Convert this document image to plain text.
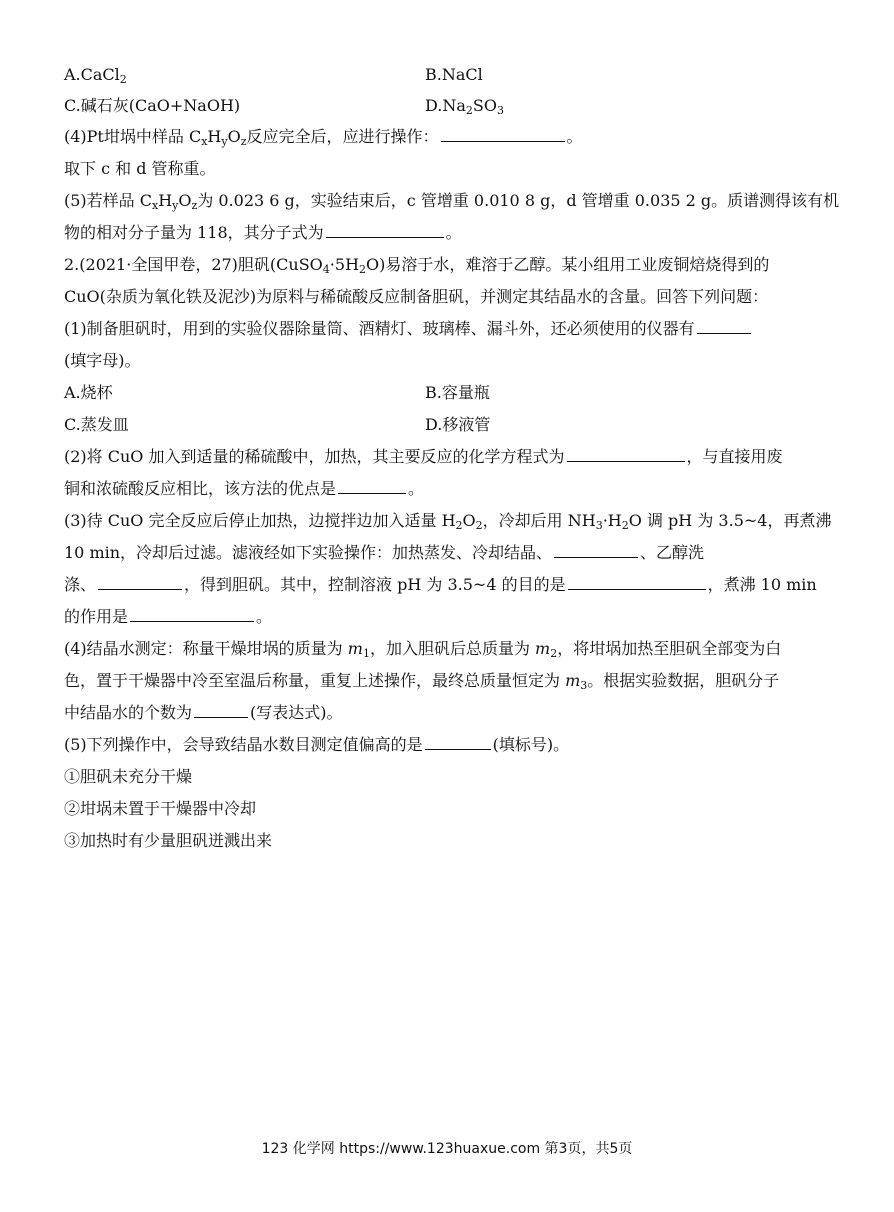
A.CaCl$_2$	B.NaCl
C.碱石灰(CaO+NaOH)	$D.Na_2SO_3$
(4)Pt坩埚中样品 $C_xH_yO_z$反应完全后，应进行操作：	。
取下 c 和 d 管称重。
(5)若样品 $C_xH_yO_z$为 0.023 6 g，实验结束后，c 管增重 0.010 8 g，d 管增重 0.035 2 g。质谱测得该有机
物的相对分子量为 118，其分子式为	。
2.(2021·全国甲卷，27)胆矾$(CuSO_4\cdot 5H_2O)$易溶于水，难溶于乙醇。某小组用工业废铜焙烧得到的
CuO(杂质为氧化铁及泥沙)为原料与稀硫酸反应制备胆矾，并测定其结晶水的含量。回答下列问题：
(1)制备胆矾时，用到的实验仪器除量筒、酒精灯、玻璃棒、漏斗外，还必须使用的仪器有
(填字母)。
A.烧杯	B.容量瓶
C.蒸发皿	D.移液管
(2)将 CuO 加入到适量的稀硫酸中，加热，其主要反应的化学方程式为	，与直接用废
铜和浓硫酸反应相比，该方法的优点是	。
(3)待 CuO 完全反应后停止加热，边搅拌边加入适量 $H_2O_2$，冷却后用 $NH_3\cdot H_2O$ 调 pH 为 3.5~4，再煮沸
10 min，冷却后过滤。滤液经如下实验操作：加热蒸发、冷却结晶、	、乙醇洗
涤、	，得到胆矾。其中，控制溶液 pH 为 3.5~4 的目的是	，煮沸 10 min
的作用是	。
(4)结晶水测定：称量干燥坩埚的质量为 $m_1$，加入胆矾后总质量为 $m_2$，将坩埚加热至胆矾全部变为白
色，置于干燥器中冷至室温后称量，重复上述操作，最终总质量恒定为 $m_3$。根据实验数据，胆矾分子
中结晶水的个数为	(写表达式)。
(5)下列操作中，会导致结晶水数目测定值偏高的是	(填标号)。
①胆矾未充分干燥
②坩埚未置于干燥器中冷却
③加热时有少量胆矾迸溅出来
123 化学网 https://www.123huaxue.com 第3页，共5页
